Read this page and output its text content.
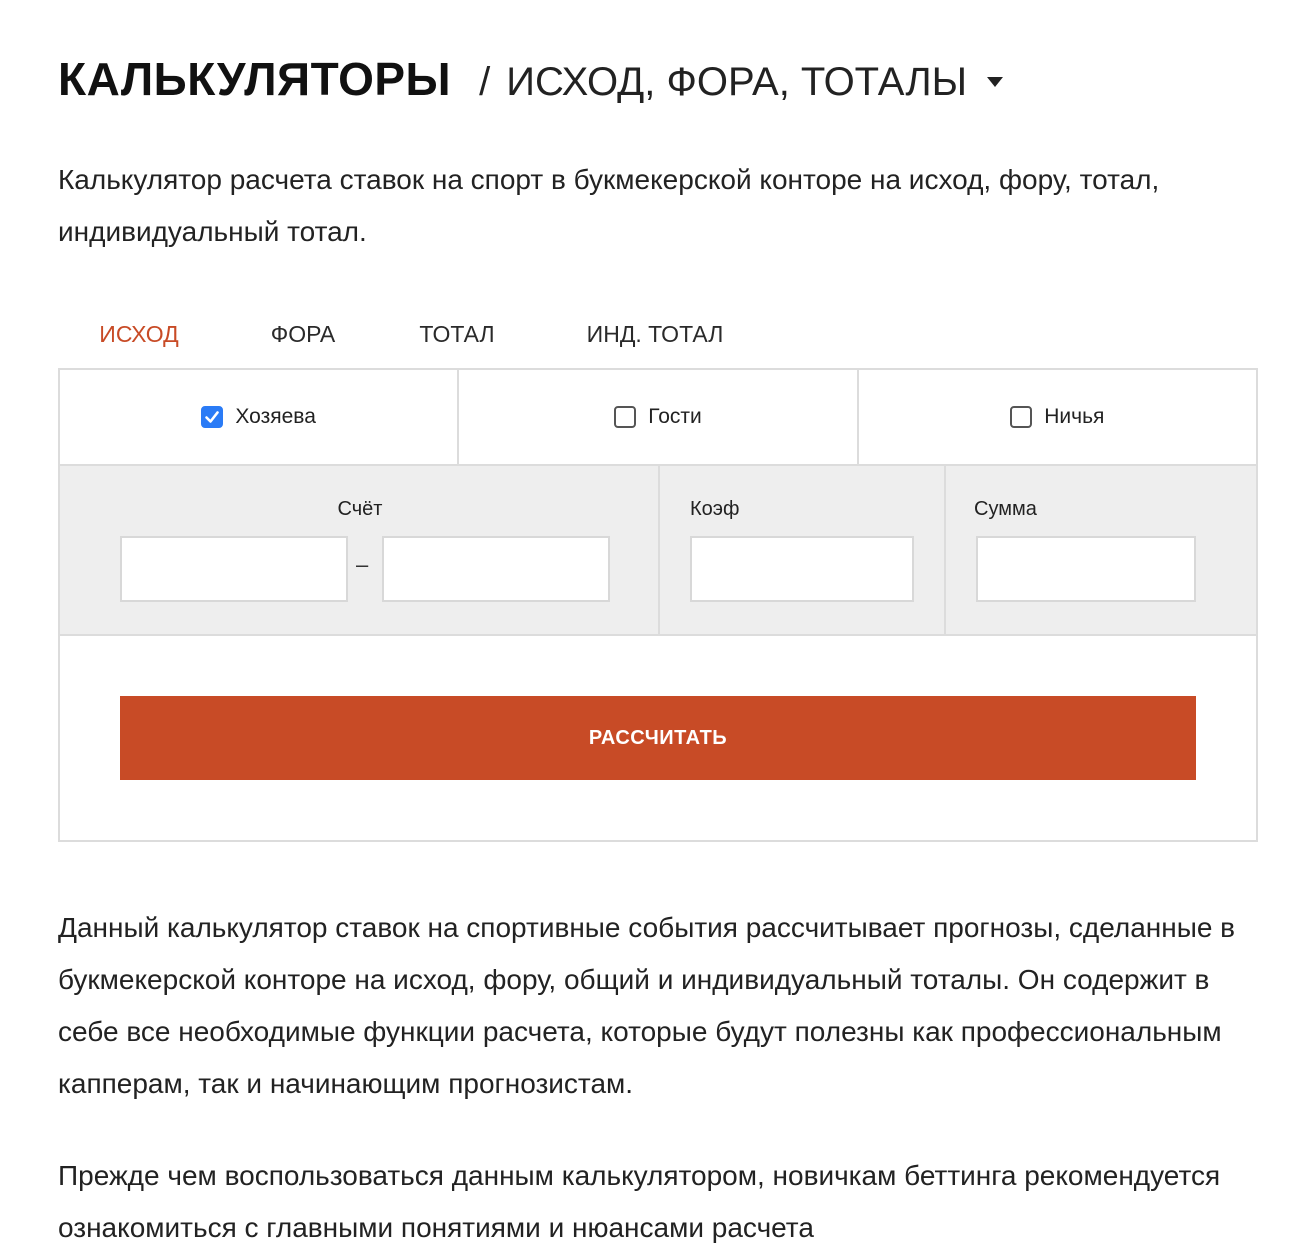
КАЛЬКУЛЯТОРЫ / ИСХОД, ФОРА, ТОТАЛЫ
Калькулятор расчета ставок на спорт в букмекерской конторе на исход, фору, тотал, индивидуальный тотал.
ИСХОД	ФОРА	ТОТАЛ	ИНД. ТОТАЛ
Хозяева	Гости	Ничья
Счёт
–
Коэф	Сумма
РАССЧИТАТЬ

Данный калькулятор ставок на спортивные события рассчитывает прогнозы, сделанные в букмекерской конторе на исход, фору, общий и индивидуальный тоталы. Он содержит в себе все необходимые функции расчета, которые будут полезны как профессиональным капперам, так и начинающим прогнозистам.

Прежде чем воспользоваться данным калькулятором, новичкам беттинга рекомендуется ознакомиться с главными понятиями и нюансами расчета
